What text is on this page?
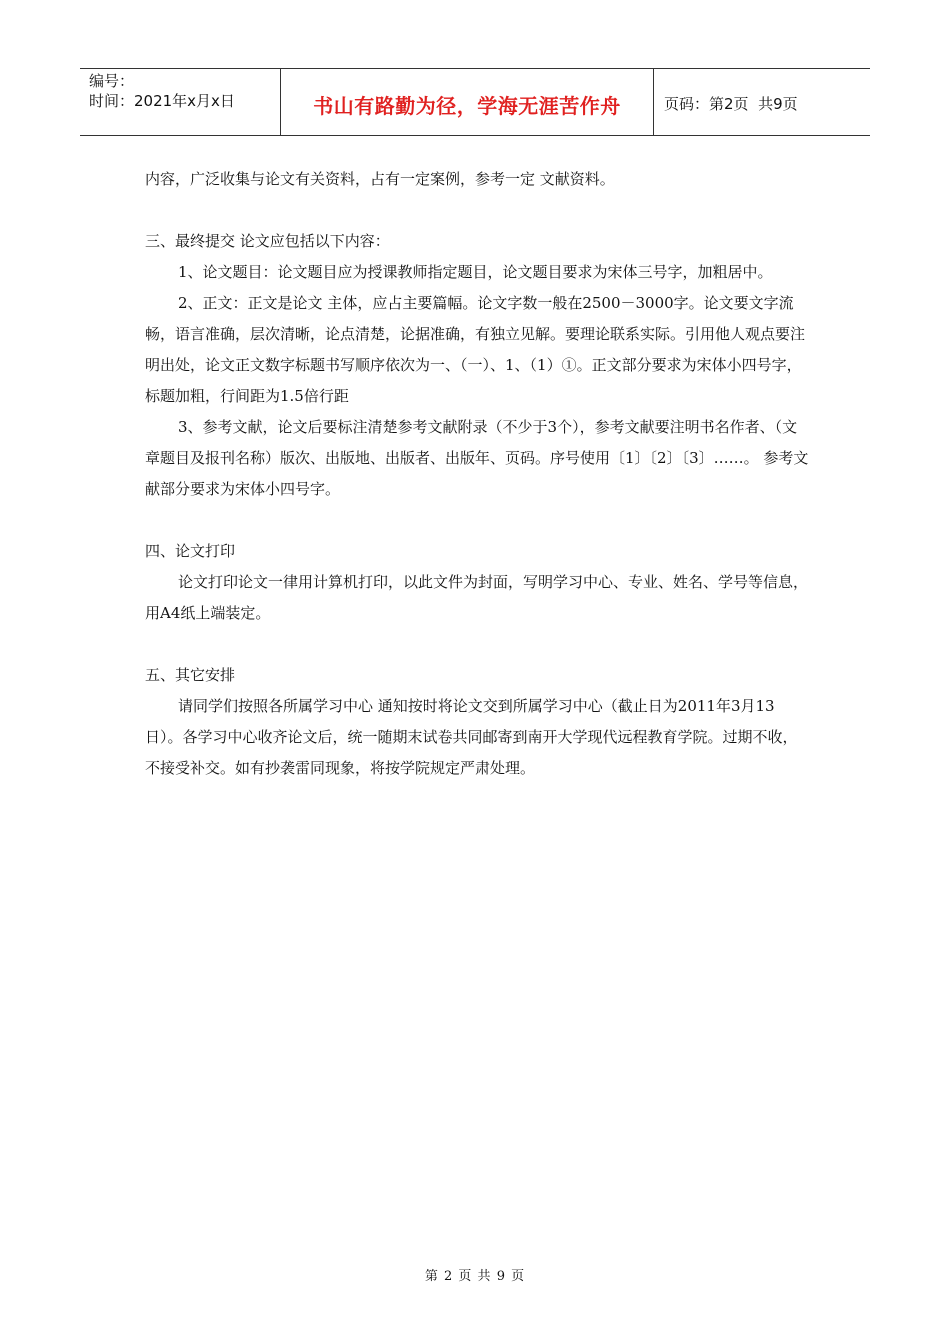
编号：
时间：2021年x月x日	书山有路勤为径，学海无涯苦作舟	页码：第2页  共9页

内容，广泛收集与论文有关资料，占有一定案例，参考一定 文献资料。

三、最终提交 论文应包括以下内容：

1、论文题目：论文题目应为授课教师指定题目，论文题目要求为宋体三号字，加粗居中。

2、正文：正文是论文 主体，应占主要篇幅。论文字数一般在2500－3000字。论文要文字流畅，语言准确，层次清晰，论点清楚，论据准确，有独立见解。要理论联系实际。引用他人观点要注明出处，论文正文数字标题书写顺序依次为一、（一）、1、（1）①。正文部分要求为宋体小四号字，标题加粗，行间距为1.5倍行距

3、参考文献，论文后要标注清楚参考文献附录（不少于3个），参考文献要注明书名作者、（文章题目及报刊名称）版次、出版地、出版者、出版年、页码。序号使用〔1〕〔2〕〔3〕……。 参考文献部分要求为宋体小四号字。

四、论文打印

论文打印论文一律用计算机打印，以此文件为封面，写明学习中心、专业、姓名、学号等信息，用A4纸上端装定。

五、其它安排

请同学们按照各所属学习中心 通知按时将论文交到所属学习中心（截止日为2011年3月13日）。各学习中心收齐论文后，统一随期末试卷共同邮寄到南开大学现代远程教育学院。过期不收， 不接受补交。如有抄袭雷同现象，将按学院规定严肃处理。

第 2 页 共 9 页
